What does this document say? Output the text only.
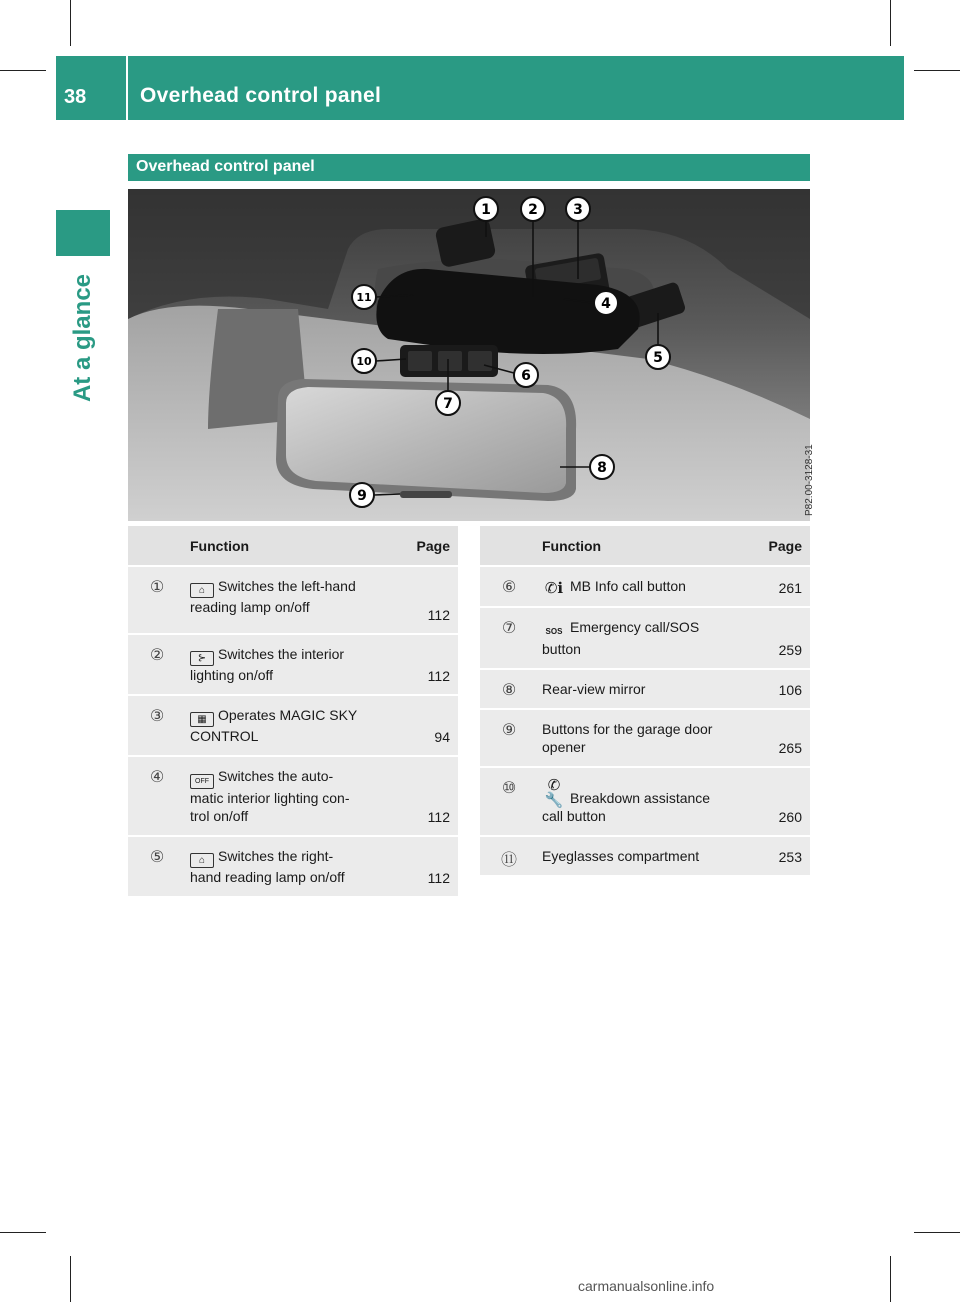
38	Overhead control panel
At a glance
Overhead control panel
1	2	3
4
5
6
7
8
9
10
11
P82.00-3128-31
	Function	Page
①	⌂ Switches the left-hand
reading lamp on/off	112
②	⊱ Switches the interior
lighting on/off	112
③	▦ Operates MAGIC SKY
CONTROL	94
④	OFF Switches the auto-
matic interior lighting con-
trol on/off	112
⑤	⌂ Switches the right-
hand reading lamp on/off	112
	Function	Page
⑥	✆ℹ MB Info call button	261
⑦	SOS Emergency call/SOS
button	259
⑧	Rear-view mirror	106
⑨	Buttons for the garage door
opener	265
⑩	✆🔧 Breakdown assistance
call button	260
⑪	Eyeglasses compartment	253
carmanualsonline.info
